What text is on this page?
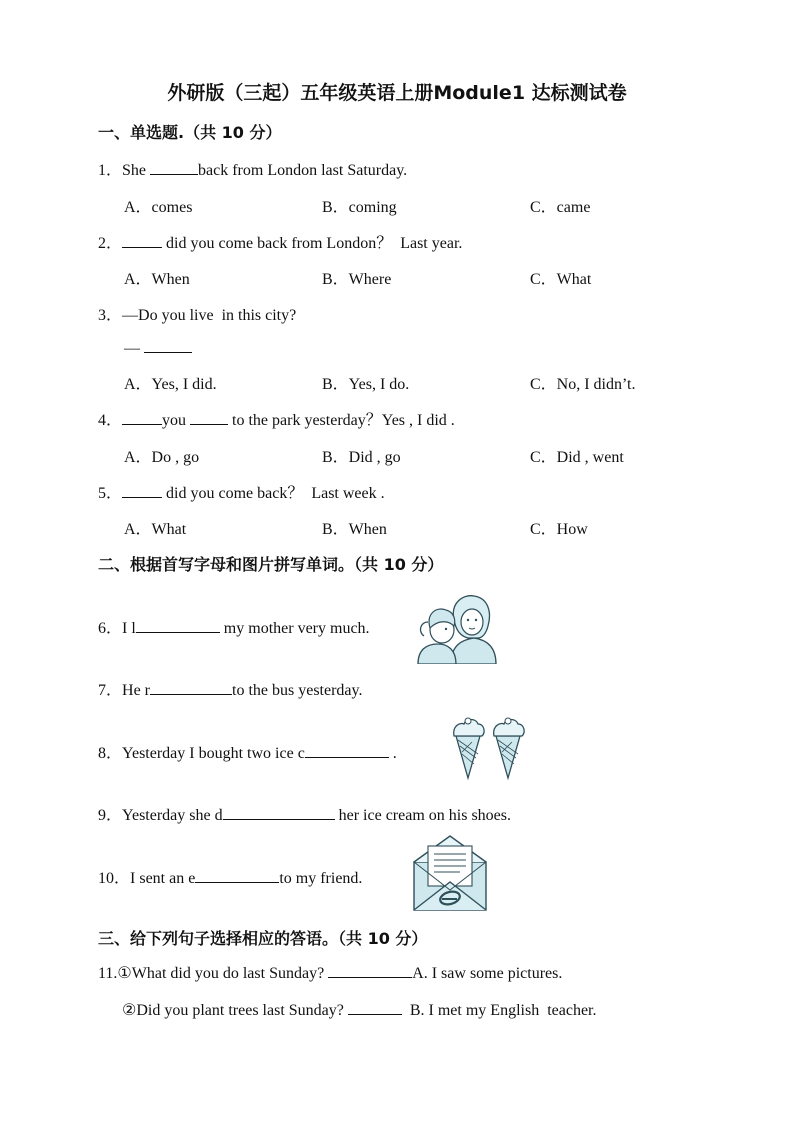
外研版（三起）五年级英语上册Module1 达标测试卷
一、单选题.（共 10 分）
1．She	back from London last Saturday.
A．comes	B．coming	C．came
2．	did you come back from London？  Last year.
A．When	B．Where	C．What
3．—Do you live  in this city?
—
A．Yes, I did.	B．Yes, I do.	C．No, I didn’t.
4．	you	to the park yesterday？Yes , I did .
A．Do , go	B．Did , go	C．Did , went
5．	did you come back？  Last week .
A．What	B．When	C．How
二、根据首写字母和图片拼写单词。（共 10 分）
6．I l	my mother very much.
7．He r	to the bus yesterday.
8．Yesterday I bought two ice c	.
9．Yesterday she d	her ice cream on his shoes.
10．I sent an e	to my friend.
三、给下列句子选择相应的答语。（共 10 分）
11.①What did you do last Sunday?	A. I saw some pictures.
②Did you plant trees last Sunday?	B. I met my English  teacher.
